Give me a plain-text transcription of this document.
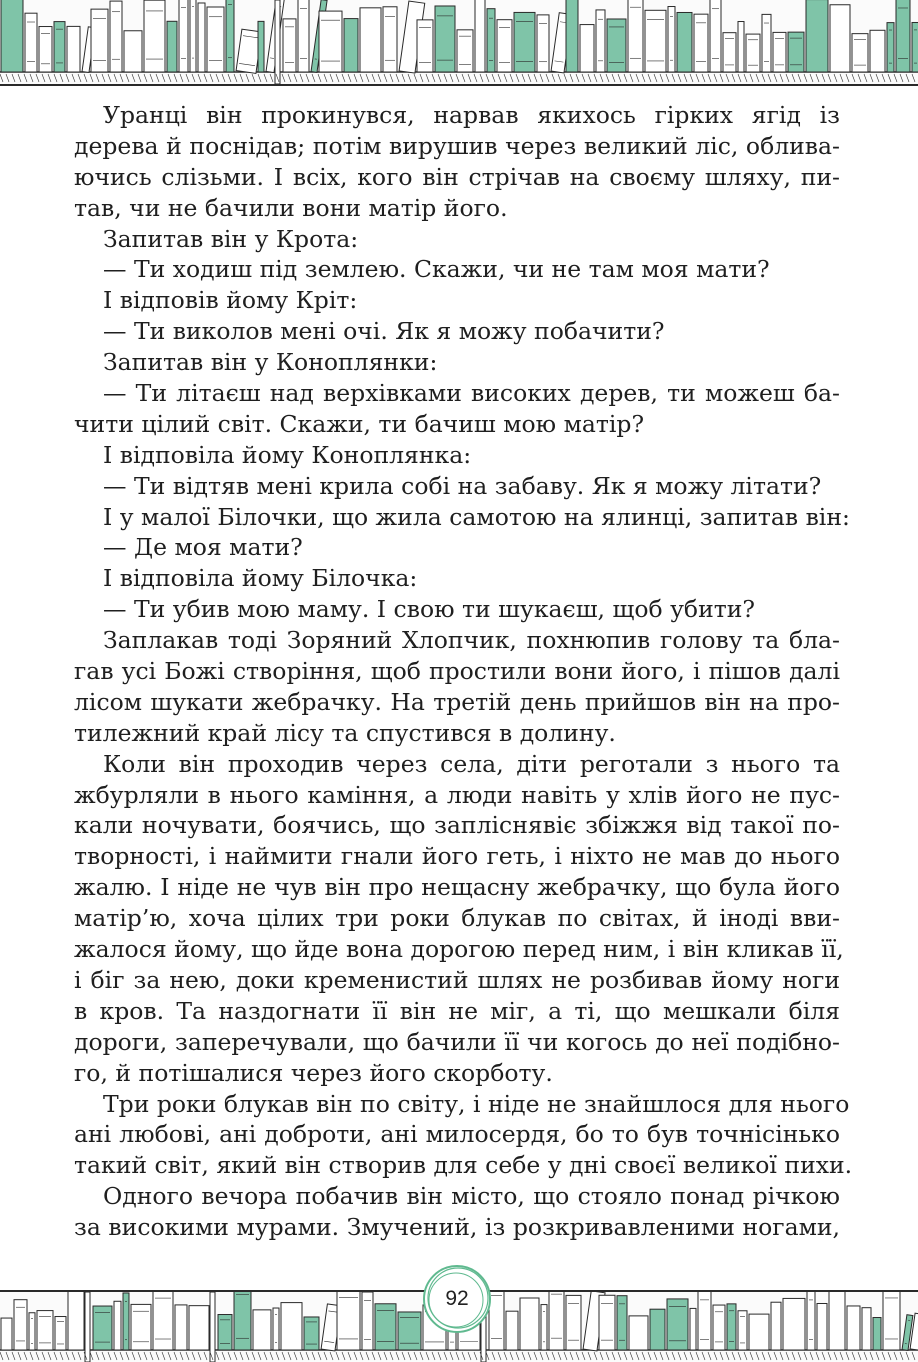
Уранці він прокинувся, нарвав якихось гірких ягід із
дерева й поснідав; потім вирушив через великий ліс, облива-
ючись слізьми. І всіх, кого він стрічав на своєму шляху, пи-
тав, чи не бачили вони матір його.
Запитав він у Крота:
— Ти ходиш під землею. Скажи, чи не там моя мати?
І відповів йому Кріт:
— Ти виколов мені очі. Як я можу побачити?
Запитав він у Коноплянки:
— Ти літаєш над верхівками високих дерев, ти можеш ба-
чити цілий світ. Скажи, ти бачиш мою матір?
І відповіла йому Коноплянка:
— Ти відтяв мені крила собі на забаву. Як я можу літати?
І у малої Білочки, що жила самотою на ялинці, запитав він:
— Де моя мати?
І відповіла йому Білочка:
— Ти убив мою маму. І свою ти шукаєш, щоб убити?
Заплакав тоді Зоряний Хлопчик, похнюпив голову та бла-
гав усі Божі створіння, щоб простили вони його, і пішов далі
лісом шукати жебрачку. На третій день прийшов він на про-
тилежний край лісу та спустився в долину.
Коли він проходив через села, діти реготали з нього та
жбурляли в нього каміння, а люди навіть у хлів його не пус-
кали ночувати, боячись, що запліснявіє збіжжя від такої по-
творності, і наймити гнали його геть, і ніхто не мав до нього
жалю. І ніде не чув він про нещасну жебрачку, що була його
матір’ю, хоча цілих три роки блукав по світах, й іноді вви-
жалося йому, що йде вона дорогою перед ним, і він кликав її,
і біг за нею, доки кременистий шлях не розбивав йому ноги
в кров. Та наздогнати її він не міг, а ті, що мешкали біля
дороги, заперечували, що бачили її чи когось до неї подібно-
го, й потішалися через його скорботу.
Три роки блукав він по світу, і ніде не знайшлося для нього
ані любові, ані доброти, ані милосердя, бо то був точнісінько
такий світ, який він створив для себе у дні своєї великої пихи.
Одного вечора побачив він місто, що стояло понад річкою
за високими мурами. Змучений, із розкривавленими ногами,
92
